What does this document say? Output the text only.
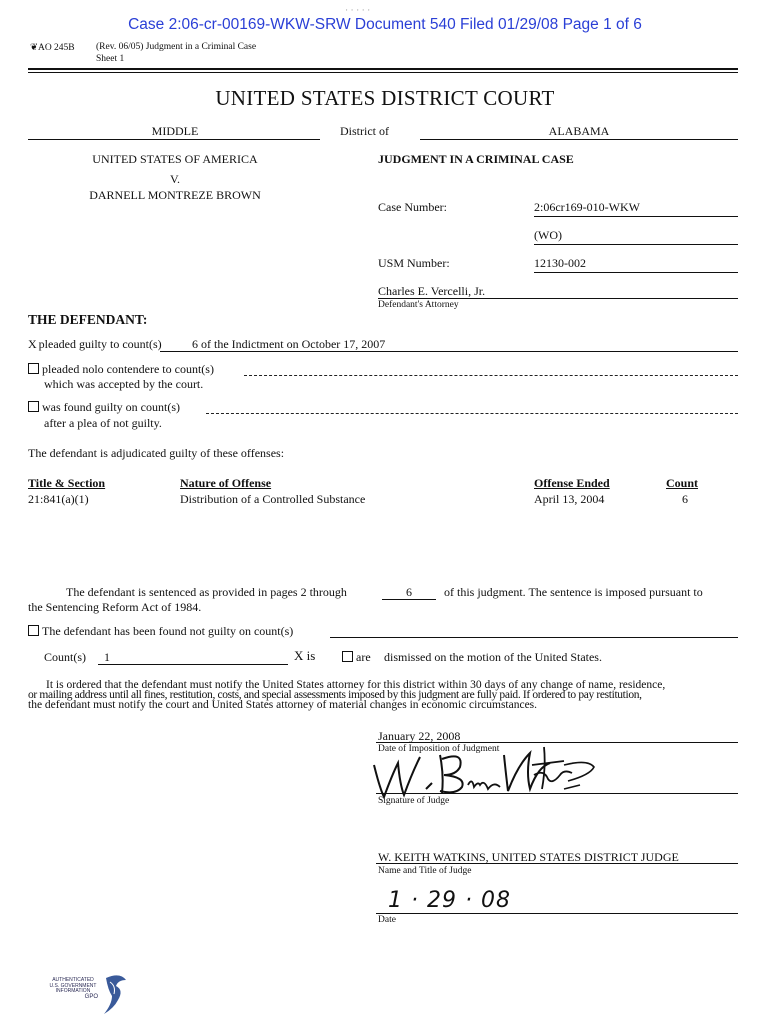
Case 2:06-cr-00169-WKW-SRW Document 540 Filed 01/29/08 Page 1 of 6
· · · · ·
❦AO 245B (Rev. 06/05) Judgment in a Criminal Case
Sheet 1
UNITED STATES DISTRICT COURT
MIDDLE	District of	ALABAMA
UNITED STATES OF AMERICA
V.
DARNELL MONTREZE BROWN
JUDGMENT IN A CRIMINAL CASE
Case Number:	2:06cr169-010-WKW
(WO)
USM Number:	12130-002
Charles E. Vercelli, Jr.
Defendant's Attorney
THE DEFENDANT:
X pleaded guilty to count(s)	6 of the Indictment on October 17, 2007
pleaded nolo contendere to count(s)
which was accepted by the court.
was found guilty on count(s)
after a plea of not guilty.
The defendant is adjudicated guilty of these offenses:
Title & Section	Nature of Offense	Offense Ended	Count
21:841(a)(1)	Distribution of a Controlled Substance	April 13, 2004	6
The defendant is sentenced as provided in pages 2 through	6	of this judgment. The sentence is imposed pursuant to
the Sentencing Reform Act of 1984.
The defendant has been found not guilty on count(s)
Count(s) 1	X is	are dismissed on the motion of the United States.
It is ordered that the defendant must notify the United States attorney for this district within 30 days of any change of name, residence,
or mailing address until all fines, restitution, costs, and special assessments imposed by this judgment are fully paid. If ordered to pay restitution,
the defendant must notify the court and United States attorney of material changes in economic circumstances.
January 22, 2008
Date of Imposition of Judgment
Signature of Judge
W. KEITH WATKINS, UNITED STATES DISTRICT JUDGE
Name and Title of Judge
1 · 29 · 08
Date
AUTHENTICATED
U.S. GOVERNMENT
INFORMATION
GPO
